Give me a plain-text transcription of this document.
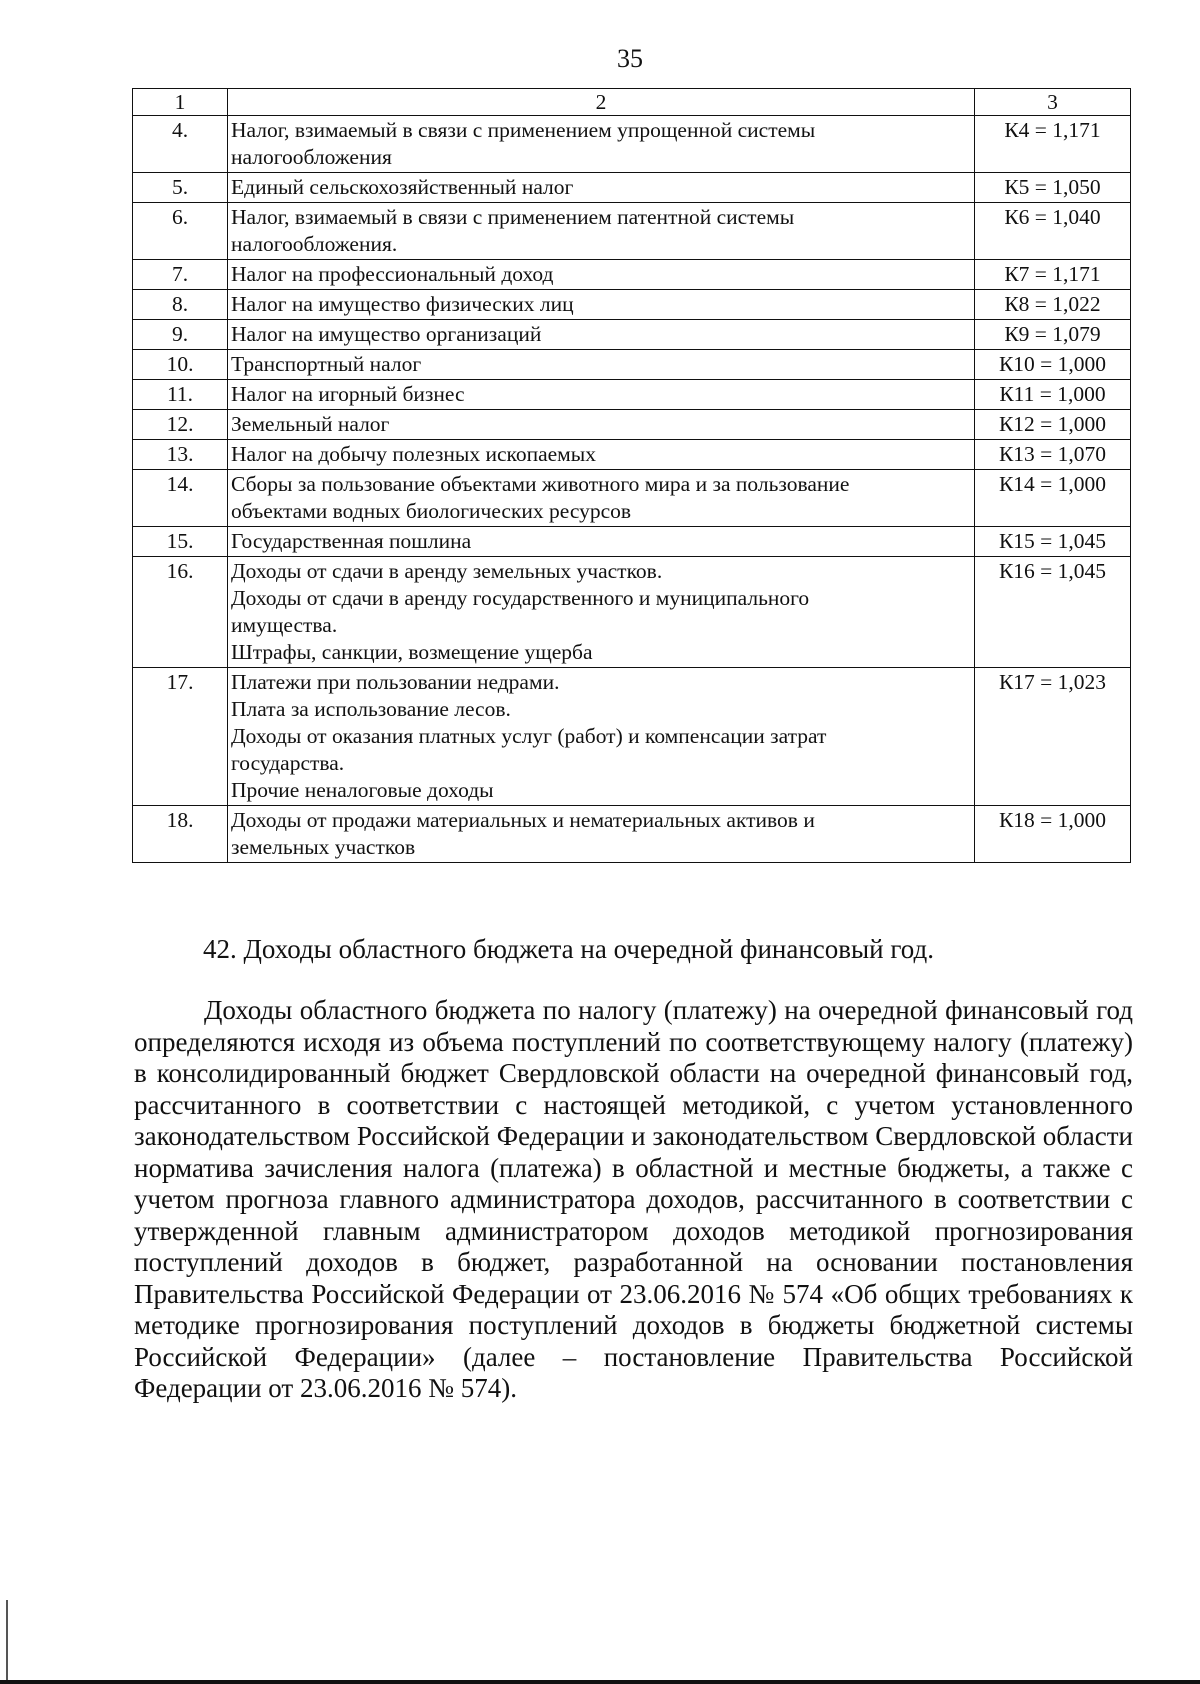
35
1	2	3
4.	Налог, взимаемый в связи с применением упрощенной системы
налогообложения	К4 = 1,171
5.	Единый сельскохозяйственный налог	К5 = 1,050
6.	Налог, взимаемый в связи с применением патентной системы
налогообложения.	К6 = 1,040
7.	Налог на профессиональный доход	К7 = 1,171
8.	Налог на имущество физических лиц	К8 = 1,022
9.	Налог на имущество организаций	К9 = 1,079
10.	Транспортный налог	К10 = 1,000
11.	Налог на игорный бизнес	К11 = 1,000
12.	Земельный налог	К12 = 1,000
13.	Налог на добычу полезных ископаемых	К13 = 1,070
14.	Сборы за пользование объектами животного мира и за пользование
объектами водных биологических ресурсов	К14 = 1,000
15.	Государственная пошлина	К15 = 1,045
16.	Доходы от сдачи в аренду земельных участков.
Доходы от сдачи в аренду государственного и муниципального
имущества.
Штрафы, санкции, возмещение ущерба	К16 = 1,045
17.	Платежи при пользовании недрами.
Плата за использование лесов.
Доходы от оказания платных услуг (работ) и компенсации затрат
государства.
Прочие неналоговые доходы	К17 = 1,023
18.	Доходы от продажи материальных и нематериальных активов и
земельных участков	К18 = 1,000
42. Доходы областного бюджета на очередной финансовый год.

Доходы областного бюджета по налогу (платежу) на очередной финансовый год определяются исходя из объема поступлений по соответствующему налогу (платежу) в консолидированный бюджет Свердловской области на очередной финансовый год, рассчитанного в соответствии с настоящей методикой, с учетом установленного законодательством Российской Федерации и законодательством Свердловской области норматива зачисления налога (платежа) в областной и местные бюджеты, а также с учетом прогноза главного администратора доходов, рассчитанного в соответствии с утвержденной главным администратором доходов методикой прогнозирования поступлений доходов в бюджет, разработанной на основании постановления Правительства Российской Федерации от 23.06.2016 № 574 «Об общих требованиях к методике прогнозирования поступлений доходов в бюджеты бюджетной системы Российской Федерации» (далее – постановление Правительства Российской Федерации от 23.06.2016 № 574).
